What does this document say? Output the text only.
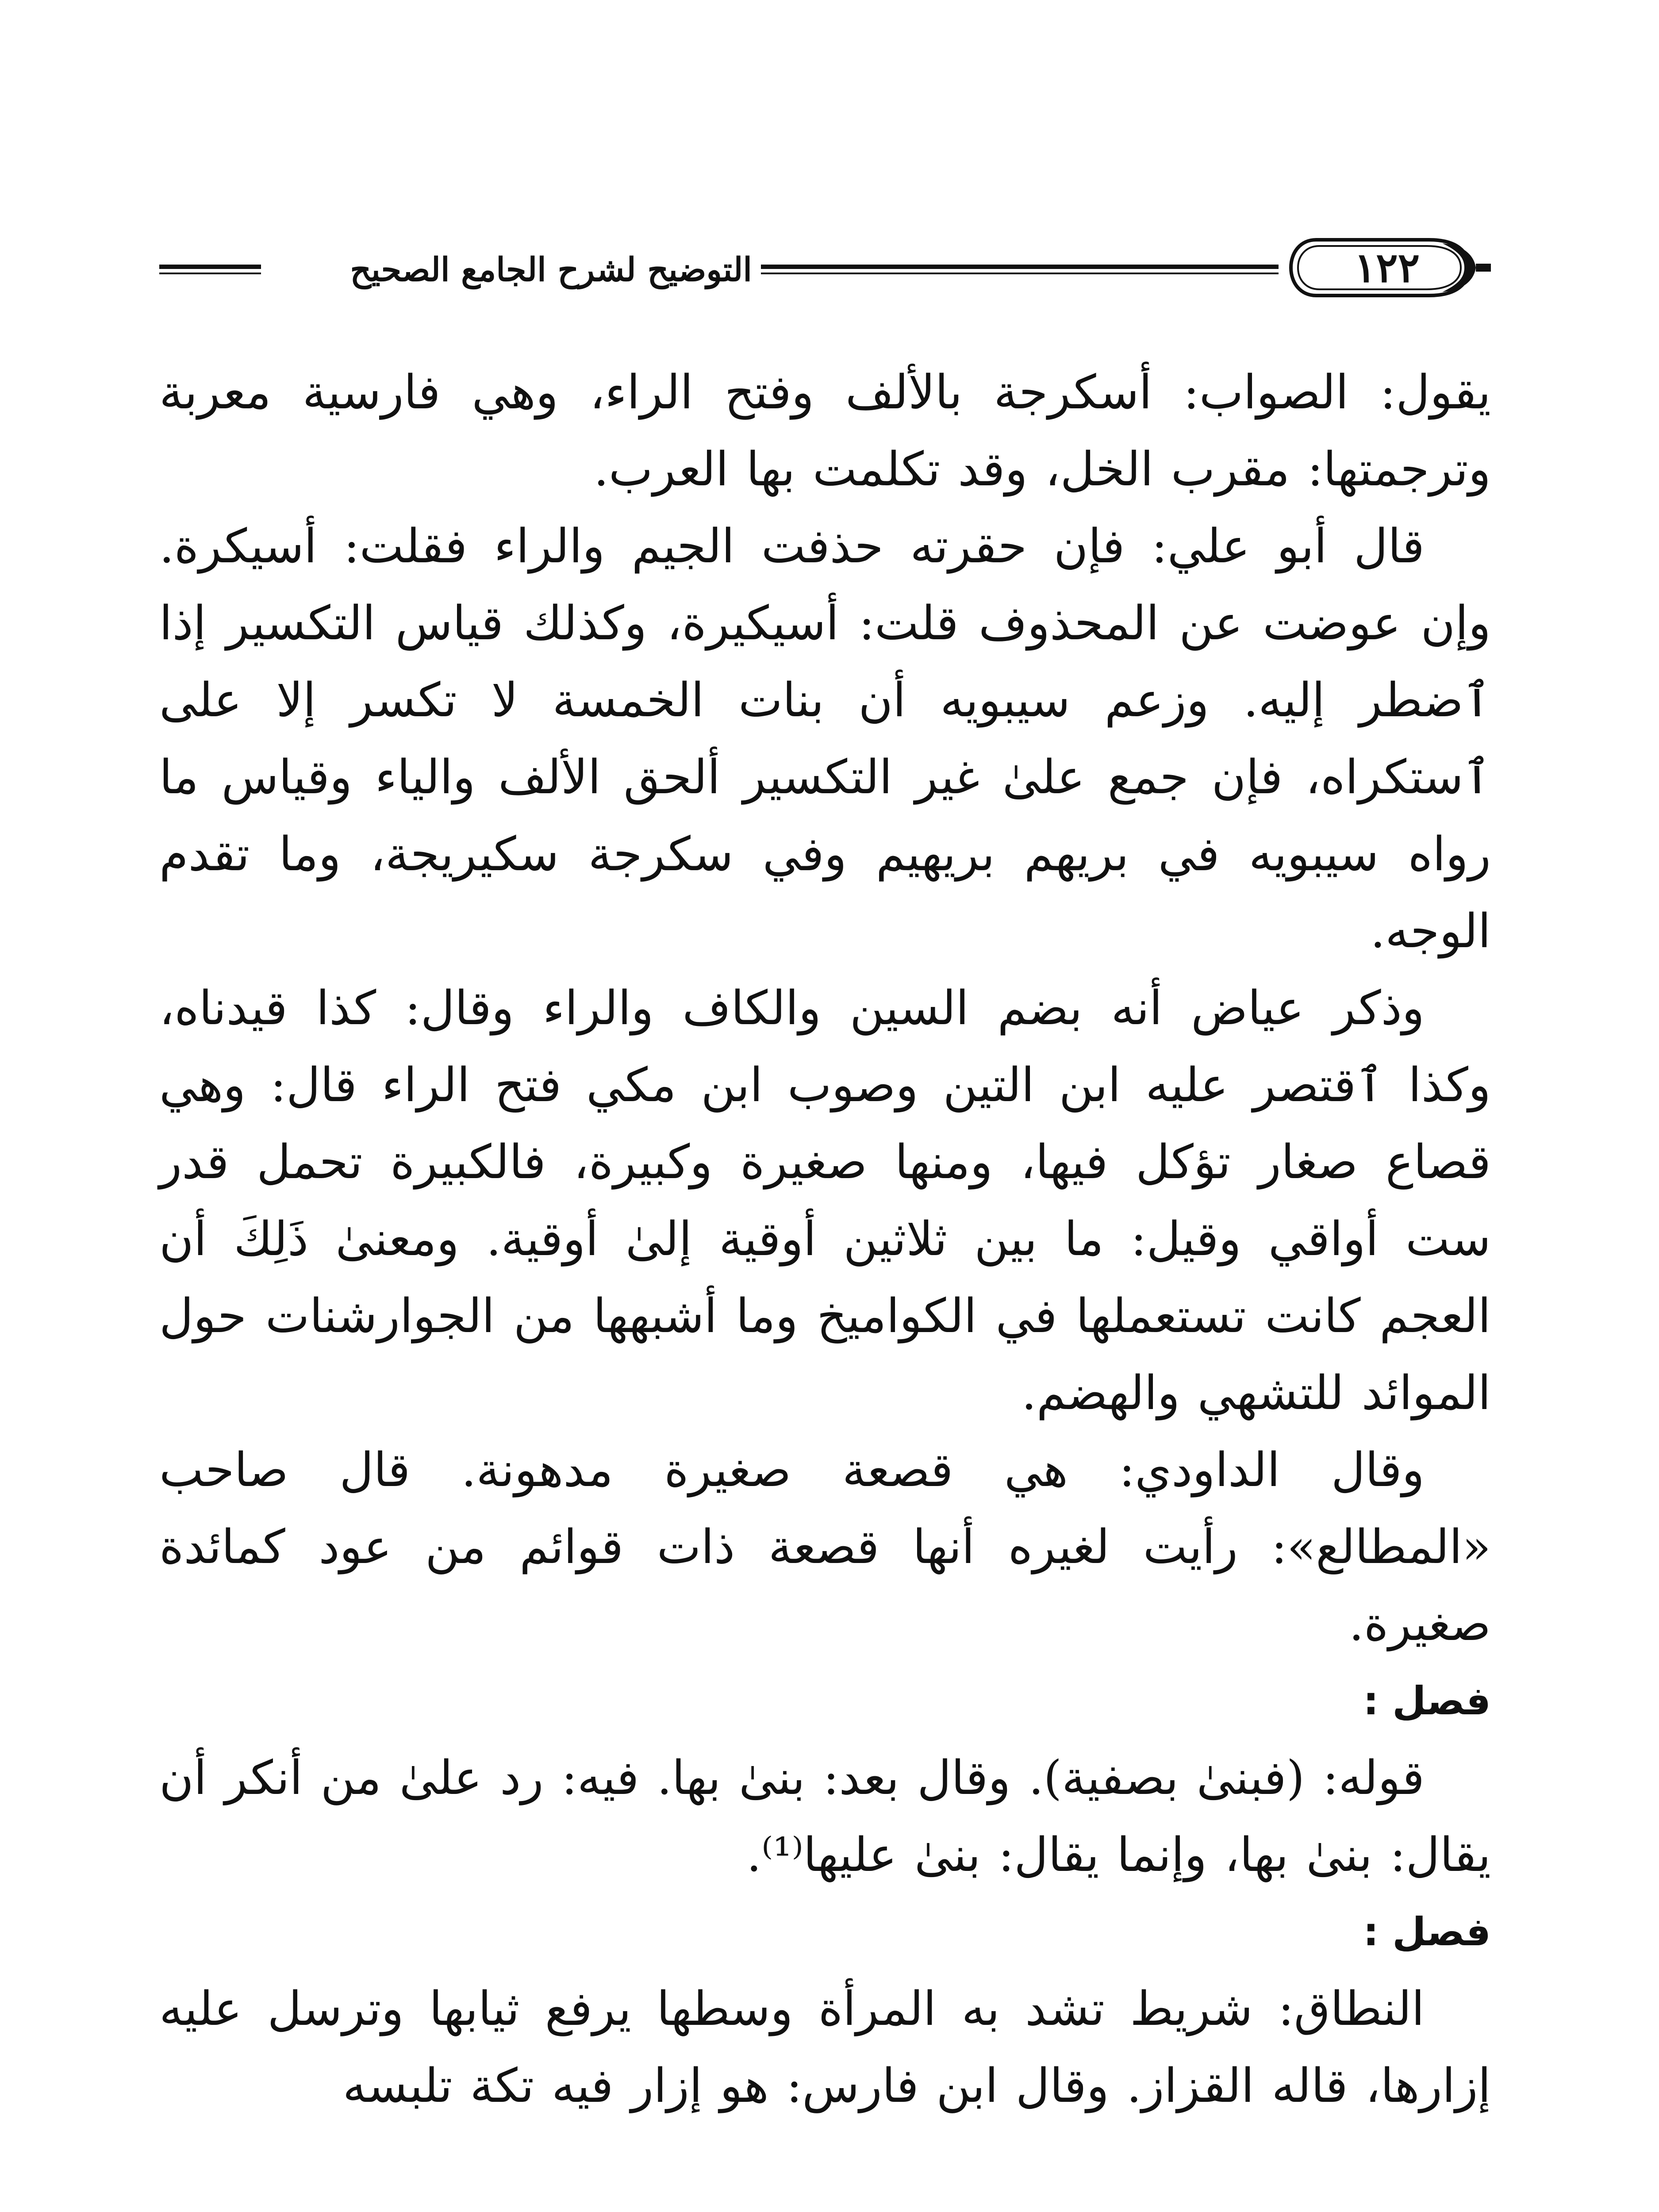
١٢٢
التوضيح لشرح الجامع الصحيح

يقول: الصواب: أسكرجة بالألف وفتح الراء، وهي فارسية معربة وترجمتها: مقرب الخل، وقد تكلمت بها العرب.

قال أبو علي: فإن حقرته حذفت الجيم والراء فقلت: أسيكرة. وإن عوضت عن المحذوف قلت: أسيكيرة، وكذلك قياس التكسير إذا ٱضطر إليه. وزعم سيبويه أن بنات الخمسة لا تكسر إلا على ٱستكراه، فإن جمع علىٰ غير التكسير ألحق الألف والياء وقياس ما رواه سيبويه في بريهم بريهيم وفي سكرجة سكيريجة، وما تقدم الوجه.

وذكر عياض أنه بضم السين والكاف والراء وقال: كذا قيدناه، وكذا ٱقتصر عليه ابن التين وصوب ابن مكي فتح الراء قال: وهي قصاع صغار تؤكل فيها، ومنها صغيرة وكبيرة، فالكبيرة تحمل قدر ست أواقي وقيل: ما بين ثلاثين أوقية إلىٰ أوقية. ومعنىٰ ذَلِكَ أن العجم كانت تستعملها في الكواميخ وما أشبهها من الجوارشنات حول الموائد للتشهي والهضم.

وقال الداودي: هي قصعة صغيرة مدهونة. قال صاحب «المطالع»: رأيت لغيره أنها قصعة ذات قوائم من عود كمائدة صغيرة.

فصل :

قوله: (فبنىٰ بصفية). وقال بعد: بنىٰ بها. فيه: رد علىٰ من أنكر أن يقال: بنىٰ بها، وإنما يقال: بنىٰ عليها⁽¹⁾.

فصل :

النطاق: شريط تشد به المرأة وسطها يرفع ثيابها وترسل عليه إزارها، قاله القزاز. وقال ابن فارس: هو إزار فيه تكة تلبسه
